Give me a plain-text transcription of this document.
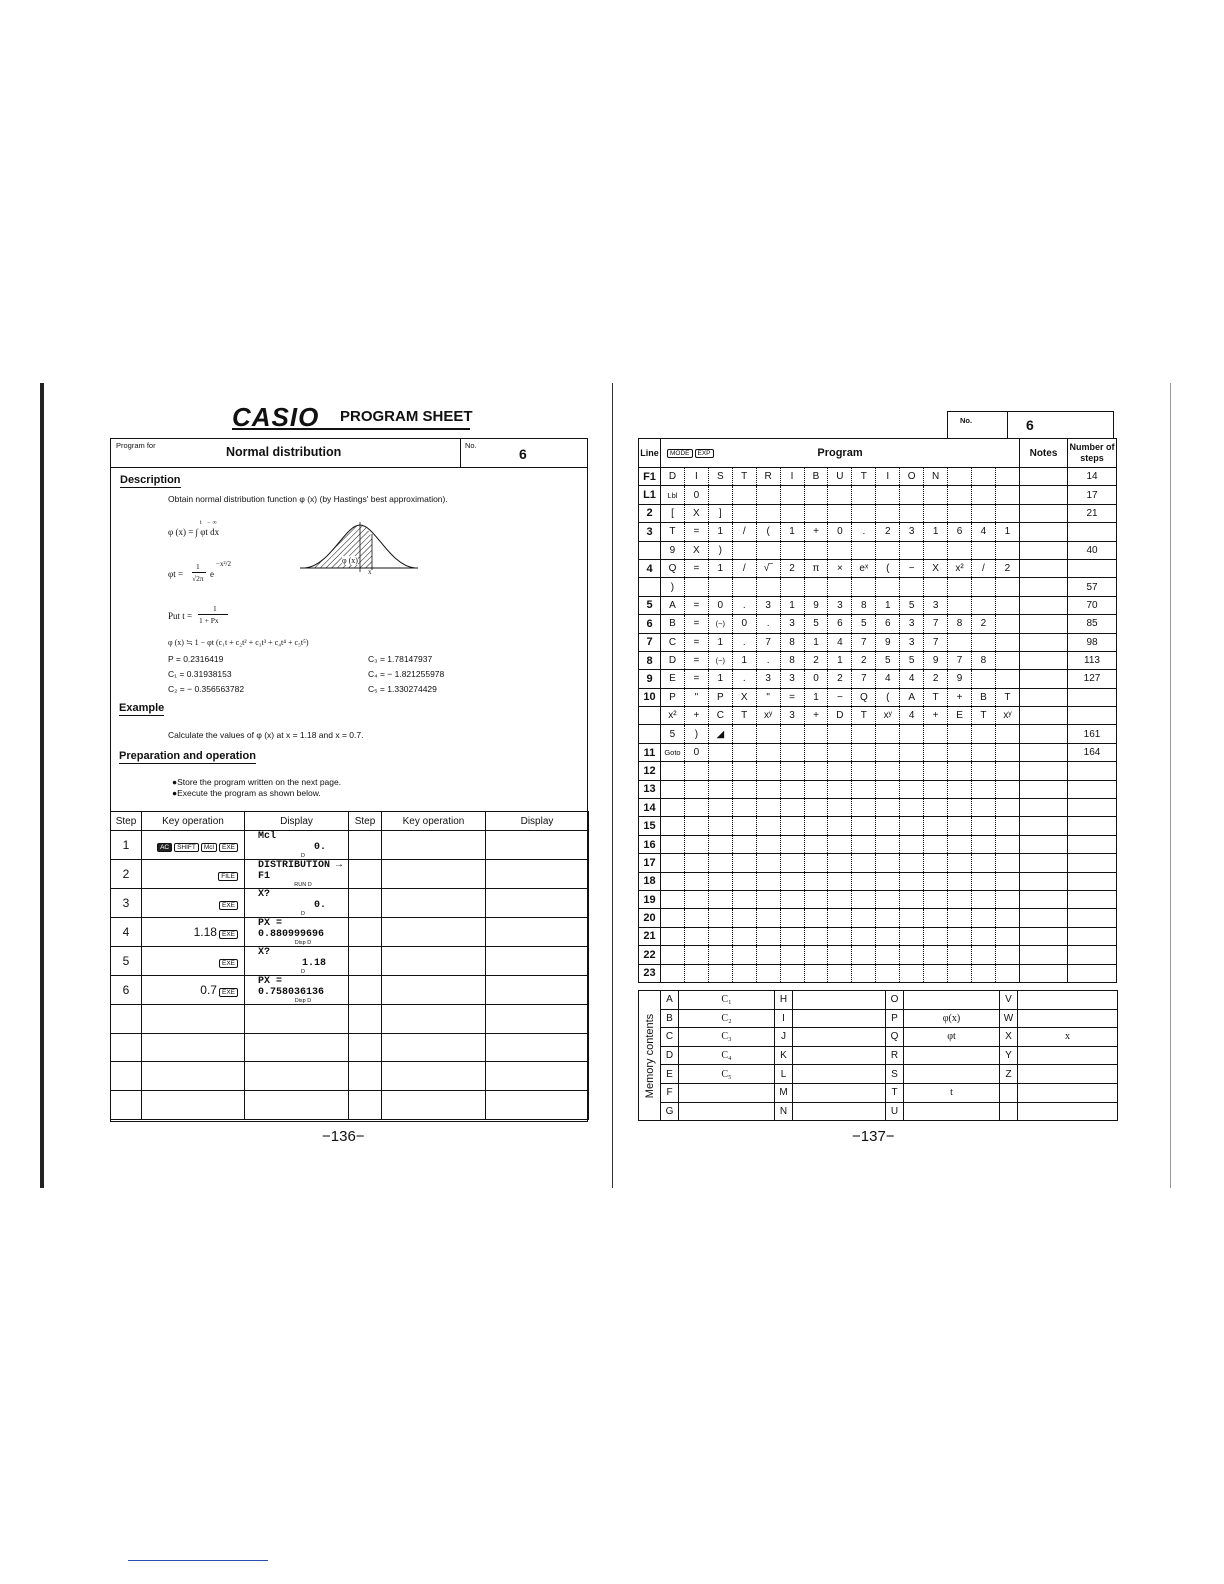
CASIO PROGRAM SHEET
Program for	Normal distribution	No.
6
Description
Obtain normal distribution function φ (x) (by Hastings' best approximation).
φ (x) = ∫ φt dx
t −∞
φt =
1
√2π e
−x²/2	φ (x)
x
Put t =
1
1 + Px
φ (x) ≒ 1 − φt (c₁t + c₂t² + c₃t³ + c₄t⁴ + c₅t⁵)
P = 0.2316419
C₁ = 0.31938153
C₂ = − 0.356563782
C₃ = 1.78147937
C₄ = − 1.821255978
C₅ = 1.330274429
Example
Calculate the values of φ (x) at x = 1.18 and x = 0.7.
Preparation and operation
●Store the program written on the next page.
●Execute the program as shown below.
Step	Key operation	Display	Step	Key operation	Display
1	AC SHIFT Mcl EXE	Mcl
0.
D			

2	FILE	DISTRIBUTION →
F1
RUN D			

3	EXE	X?
0.
D			

4	1.18 EXE	PX =
0.880999696
Disp D			

5	EXE	X?
1.18
D			

6	0.7 EXE	PX =
0.758036136
Disp D			

−136−
No.	6
Line	MODE EXP Program															Notes	Number of steps
F1	D	I	S	T	R	I	B	U	T	I	O	N					14
L1	Lbl	0															17
2	[	X	]														21
3	T	=	1	/	(	1	+	0	.	2	3	1	6	4	1		
	9	X	)														40
4	Q	=	1	/	√‾	2	π	×	eˣ	(	−	X	x²	/	2		
	)																57
5	A	=	0	.	3	1	9	3	8	1	5	3					70
6	B	=	(−)	0	.	3	5	6	5	6	3	7	8	2			85
7	C	=	1	.	7	8	1	4	7	9	3	7					98
8	D	=	(−)	1	.	8	2	1	2	5	5	9	7	8			113
9	E	=	1	.	3	3	0	2	7	4	4	2	9				127
10	P	"	P	X	"	=	1	−	Q	(	A	T	+	B	T		
	x²	+	C	T	xʸ	3	+	D	T	xʸ	4	+	E	T	xʸ		
	5	)	◢														161
11	Goto	0															164
12																	
13																	
14																	
15																	
16																	
17																	
18																	
19																	
20																	
21																	
22																	
23																	
Memory contents	A	C₁	H		O		V	
	B	C₂	I		P	φ(x)	W	
	C	C₃	J		Q	φt	X	x
	D	C₄	K		R		Y	
	E	C₅	L		S		Z	
	F		M		T	t		
	G		N		U			
−137−
